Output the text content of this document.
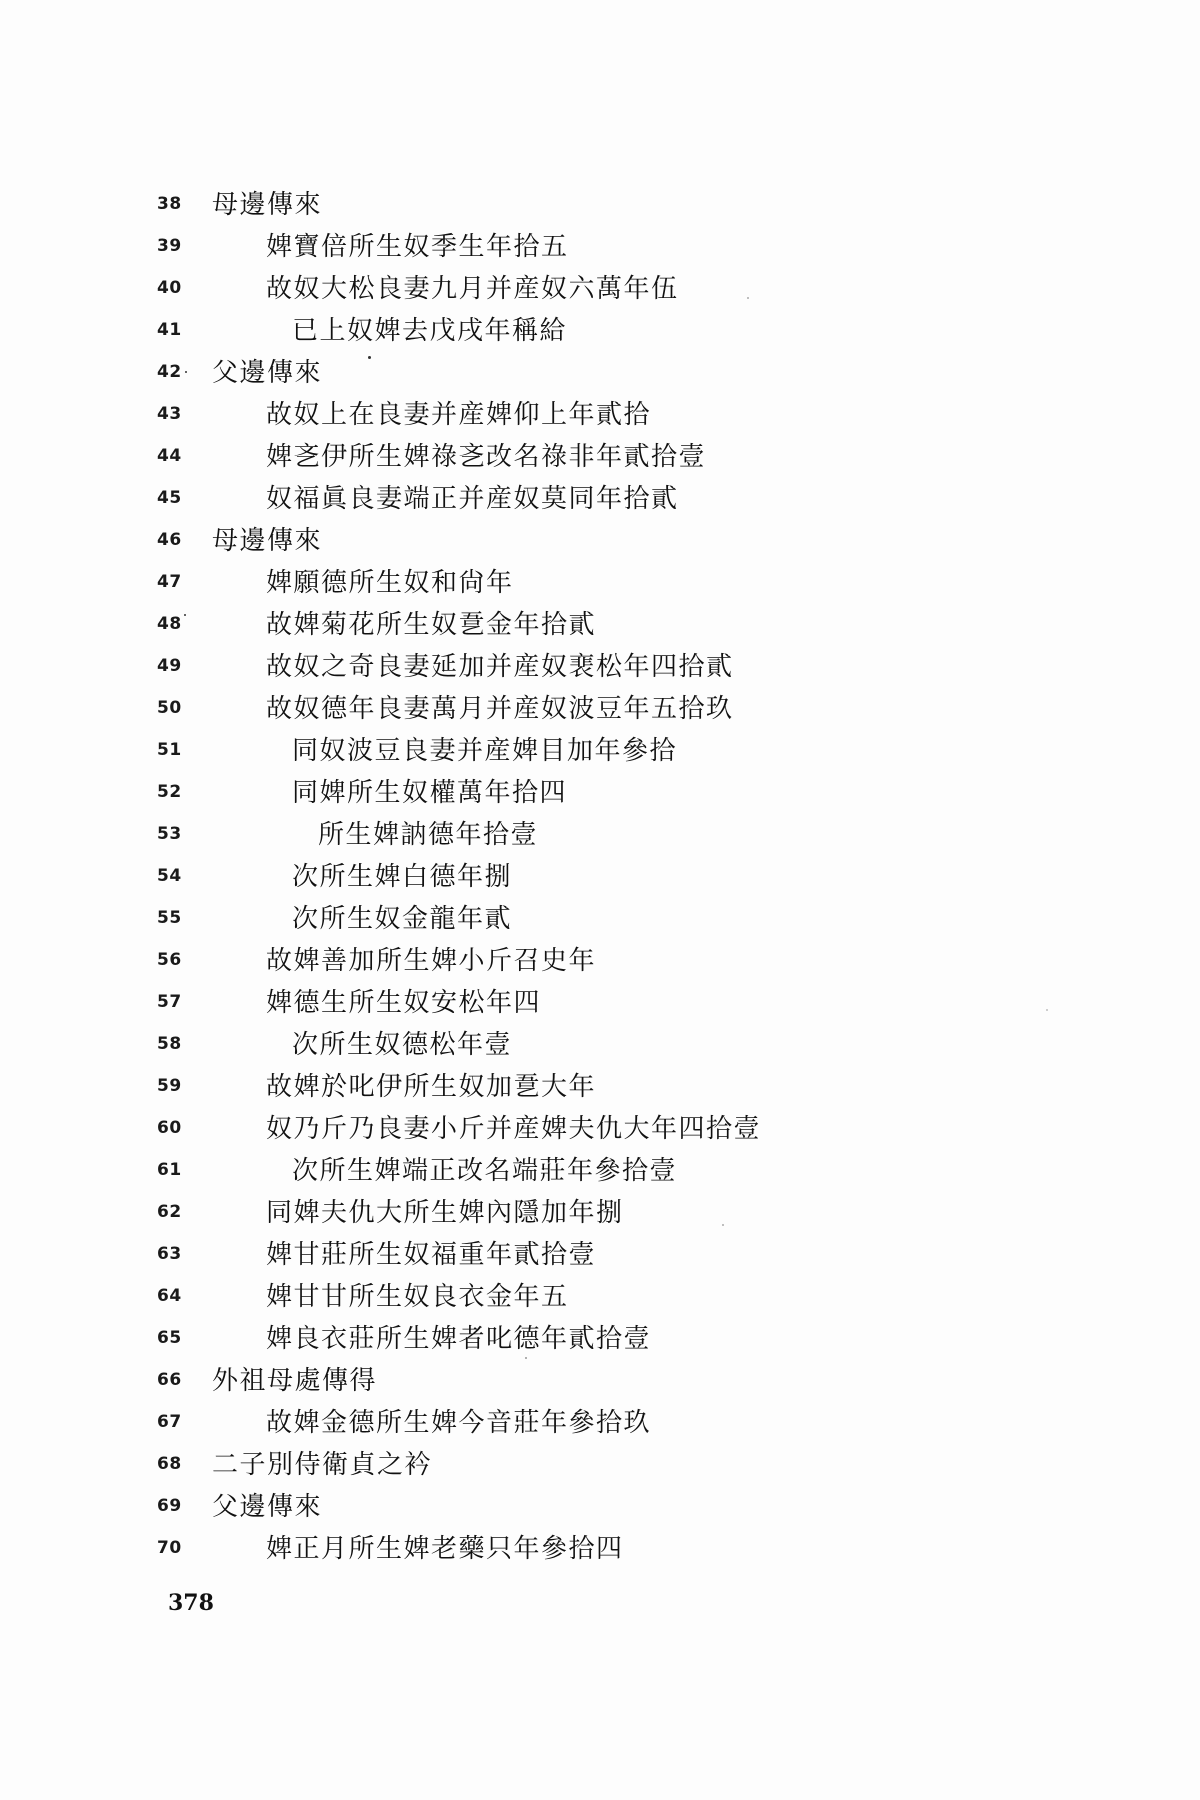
38	母邊傳來
39	婢寶倍所生奴季生年拾五
40	故奴大松良妻九月并産奴六萬年伍
41	已上奴婢去戊戌年稱給
42	父邊傳來
43	故奴上在良妻并産婢仰上年貳拾
44	婢㐎伊所生婢祿㐎改名祿非年貳拾壹
45	奴福眞良妻端正并産奴莫同年拾貳
46	母邊傳來
47	婢願德所生奴和尙年
48	故婢菊花所生奴㐚金年拾貳
49	故奴之奇良妻延加并産奴裵松年四拾貳
50	故奴德年良妻萬月并産奴波豆年五拾玖
51	同奴波豆良妻并産婢目加年參拾
52	同婢所生奴權萬年拾四
53	所生婢訥德年拾壹
54	次所生婢白德年捌
55	次所生奴金龍年貳
56	故婢善加所生婢小斤召史年
57	婢德生所生奴安松年四
58	次所生奴德松年壹
59	故婢於叱伊所生奴加㐚大年
60	奴乃斤乃良妻小斤并産婢夫仇大年四拾壹
61	次所生婢端正改名端莊年參拾壹
62	同婢夫仇大所生婢內隱加年捌
63	婢甘莊所生奴福重年貳拾壹
64	婢甘甘所生奴良衣金年五
65	婢良衣莊所生婢者叱德年貳拾壹
66	外祖母處傳得
67	故婢金德所生婢今音莊年參拾玖
68	二子別侍衛貞之衿
69	父邊傳來
70	婢正月所生婢老藥只年參拾四
378
